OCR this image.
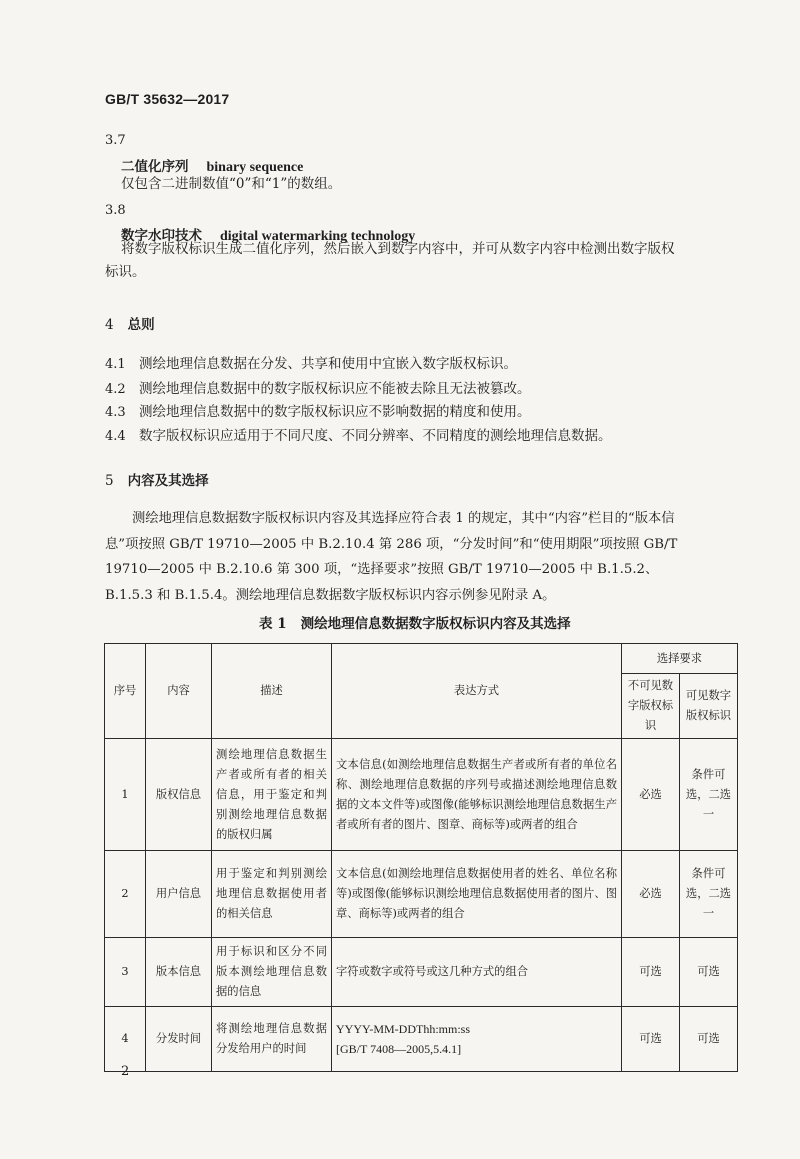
GB/T 35632—2017
3.7
二值化序列 binary sequence
仅包含二进制数值“0”和“1”的数组。
3.8
数字水印技术 digital watermarking technology
将数字版权标识生成二值化序列，然后嵌入到数字内容中，并可从数字内容中检测出数字版权
标识。
4 总则
4.1 测绘地理信息数据在分发、共享和使用中宜嵌入数字版权标识。
4.2 测绘地理信息数据中的数字版权标识应不能被去除且无法被篡改。
4.3 测绘地理信息数据中的数字版权标识应不影响数据的精度和使用。
4.4 数字版权标识应适用于不同尺度、不同分辨率、不同精度的测绘地理信息数据。
5 内容及其选择
测绘地理信息数据数字版权标识内容及其选择应符合表 1 的规定，其中“内容”栏目的“版本信息”项按照 GB/T 19710—2005 中 B.2.10.4 第 286 项，“分发时间”和“使用期限”项按照 GB/T 19710—2005 中 B.2.10.6 第 300 项，“选择要求”按照 GB/T 19710—2005 中 B.1.5.2、B.1.5.3 和 B.1.5.4。测绘地理信息数据数字版权标识内容示例参见附录 A。
表 1 测绘地理信息数据数字版权标识内容及其选择
序号	内容	描述	表达方式	选择要求	
				不可见数字版权标识	可见数字版权标识
1	版权信息	测绘地理信息数据生产者或所有者的相关信息，用于鉴定和判别测绘地理信息数据的版权归属	文本信息(如测绘地理信息数据生产者或所有者的单位名称、测绘地理信息数据的序列号或描述测绘地理信息数据的文本文件等)或图像(能够标识测绘地理信息数据生产者或所有者的图片、图章、商标等)或两者的组合	必选	条件可选，二选一
2	用户信息	用于鉴定和判别测绘地理信息数据使用者的相关信息	文本信息(如测绘地理信息数据使用者的姓名、单位名称等)或图像(能够标识测绘地理信息数据使用者的图片、图章、商标等)或两者的组合	必选	条件可选，二选一
3	版本信息	用于标识和区分不同版本测绘地理信息数据的信息	字符或数字或符号或这几种方式的组合	可选	可选
4	分发时间	将测绘地理信息数据分发给用户的时间	YYYY-MM-DDThh:mm:ss
[GB/T 7408—2005,5.4.1]	可选	可选
2
